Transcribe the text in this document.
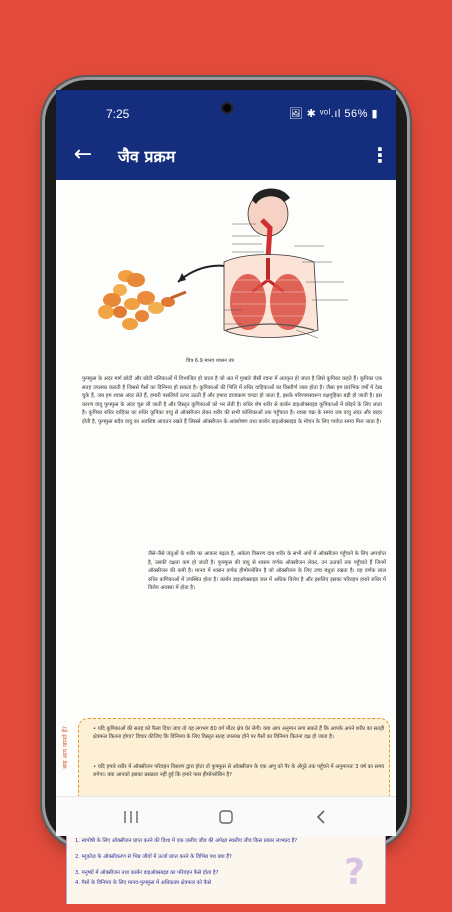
7:25	🖼 ✱ ᵛᵒˡ.ıl 56% ▮
← जैव प्रक्रम	⋮
चित्र 6.9 मानव श्वसन तंत्र
फुफ्फुस के अंदर मार्ग छोटी और छोटी नलिकाओं में विभाजित हो जाता है जो अंत में गुब्बारे जैसी रचना में अंतकृत हो जाता है जिसे कूपिका कहते हैं। कूपिका एक सतह उपलब्ध कराती है जिससे गैसों का विनिमय हो सकता है। कूपिकाओं की भित्ति में रुधिर वाहिकाओं का विस्तीर्ण जाल होता है। जैसा हम प्रारंभिक वर्षों में देख चुके हैं, जब हम श्वास अंदर लेते हैं, हमारी पसलियाँ ऊपर उठती हैं और हमारा डायाफ्राम चपटा हो जाता है, इसके परिणामस्वरूप वक्षगुहिका बड़ी हो जाती है। इस कारण वायु फुफ्फुस के अंदर चूस ली जाती है और विस्तृत कूपिकाओं को भर लेती है। रुधिर शेष शरीर से कार्बन डाइऑक्साइड कूपिकाओं में छोड़ने के लिए लाता है। कूपिका रुधिर वाहिका का रुधिर कूपिका वायु से ऑक्सीजन लेकर शरीर की सभी कोशिकाओं तक पहुँचाता है। श्वास चक्र के समय जब वायु अंदर और बाहर होती है, फुफ्फुस सदैव वायु का अवशिष्ट आयतन रखते हैं जिससे ऑक्सीजन के अवशोषण तथा कार्बन डाइऑक्साइड के मोचन के लिए पर्याप्त समय मिल जाता है।
जैसे-जैसे जंतुओं के शरीर का आकार बढ़ता है, अकेला विसरण दाब शरीर के सभी अंगों में ऑक्सीजन पहुँचाने के लिए अपर्याप्त है, उसकी दक्षता कम हो जाती है। फुफ्फुस की वायु से श्वसन वर्णक ऑक्सीजन लेकर, उन ऊतकों तक पहुँचाते हैं जिनमें ऑक्सीजन की कमी है। मानव में श्वसन वर्णक हीमोग्लोबिन है जो ऑक्सीजन के लिए उच्च बंधुता रखता है। यह वर्णक लाल रुधिर कणिकाओं में उपस्थित होता है। कार्बन डाइऑक्साइड जल में अधिक विलेय है और इसलिए इसका परिवहन हमारे रुधिर में विलेय अवस्था में होता है।
क्या आप जानते हैं?	• यदि कूपिकाओं की सतह को फैला दिया जाए तो यह लगभग 80 वर्ग मीटर क्षेत्र घेर लेगी। क्या आप अनुमान लगा सकते हैं कि आपके अपने शरीर का सतही क्षेत्रफल कितना होगा? विचार कीजिए कि विनिमय के लिए विस्तृत सतह उपलब्ध होने पर गैसों का विनिमय कितना दक्ष हो जाता है।

• यदि हमारे शरीर में ऑक्सीजन परिवहन विसरण द्वारा होता तो फुफ्फुस से ऑक्सीजन के एक अणु को पैर के अँगूठे तक पहुँचने में अनुमानतः 3 वर्ष का समय लगेगा। क्या आपको इसका प्रसन्नता नहीं हुई कि हमारे पास हीमोग्लोबिन है?

1. स्वपोषी के लिए ऑक्सीजन प्राप्त करने की दिशा में एक जलीय जीव की अपेक्षा स्थलीय जीव किस प्रकार लाभप्रद है?
2. ग्लूकोज़ के ऑक्सीकरण से भिन्न जीवों में ऊर्जा प्राप्त करने के विभिन्न पथ क्या हैं?
3. मनुष्यों में ऑक्सीजन तथा कार्बन डाइऑक्साइड का परिवहन कैसे होता है?
4. गैसों के विनिमय के लिए मानव-फुफ्फुस में अधिकतम क्षेत्रफल को कैसे	?
